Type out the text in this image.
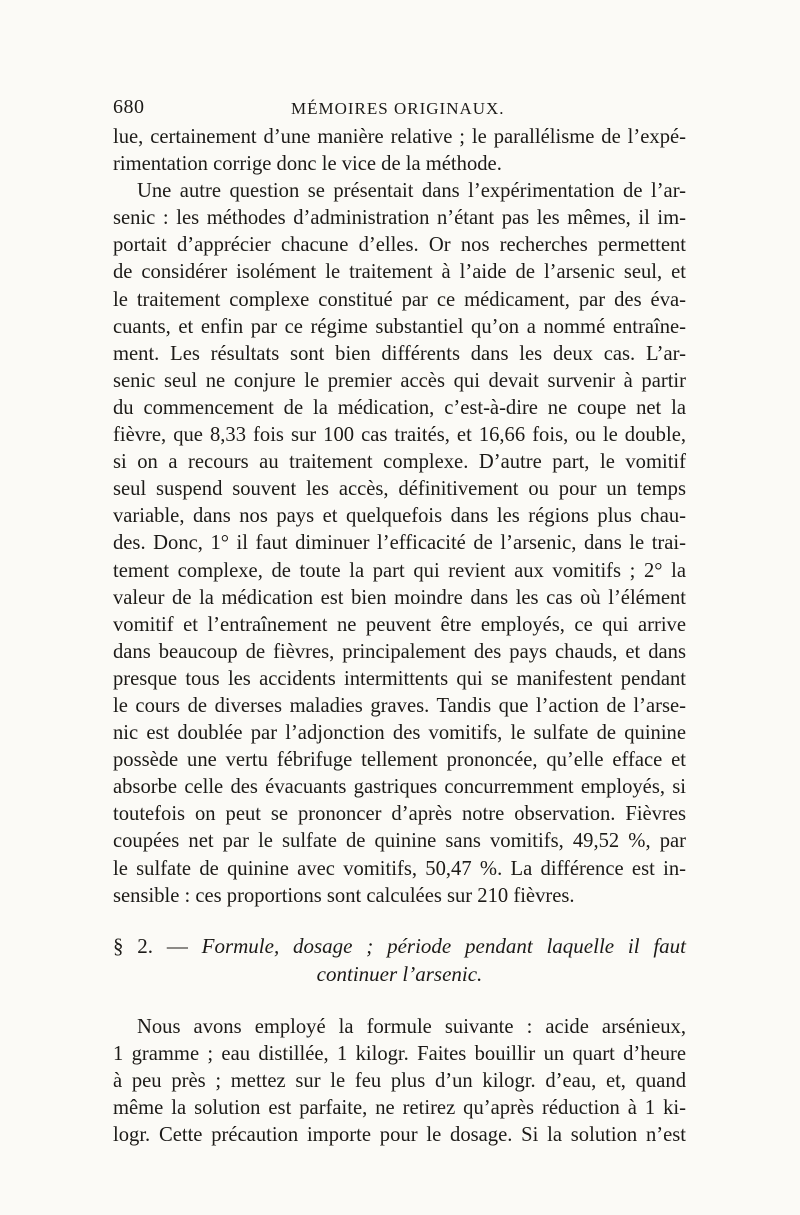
680	MÉMOIRES ORIGINAUX.

lue, certainement d’une manière relative ; le parallélisme de l’expé-

rimentation corrige donc le vice de la méthode.

Une autre question se présentait dans l’expérimentation de l’ar-

senic : les méthodes d’administration n’étant pas les mêmes, il im-

portait d’apprécier chacune d’elles. Or nos recherches permettent

de considérer isolément le traitement à l’aide de l’arsenic seul, et

le traitement complexe constitué par ce médicament, par des éva-

cuants, et enfin par ce régime substantiel qu’on a nommé entraîne-

ment. Les résultats sont bien différents dans les deux cas. L’ar-

senic seul ne conjure le premier accès qui devait survenir à partir

du commencement de la médication, c’est-à-dire ne coupe net la

fièvre, que 8,33 fois sur 100 cas traités, et 16,66 fois, ou le double,

si on a recours au traitement complexe. D’autre part, le vomitif

seul suspend souvent les accès, définitivement ou pour un temps

variable, dans nos pays et quelquefois dans les régions plus chau-

des. Donc, 1° il faut diminuer l’efficacité de l’arsenic, dans le trai-

tement complexe, de toute la part qui revient aux vomitifs ; 2° la

valeur de la médication est bien moindre dans les cas où l’élément

vomitif et l’entraînement ne peuvent être employés, ce qui arrive

dans beaucoup de fièvres, principalement des pays chauds, et dans

presque tous les accidents intermittents qui se manifestent pendant

le cours de diverses maladies graves. Tandis que l’action de l’arse-

nic est doublée par l’adjonction des vomitifs, le sulfate de quinine

possède une vertu fébrifuge tellement prononcée, qu’elle efface et

absorbe celle des évacuants gastriques concurremment employés, si

toutefois on peut se prononcer d’après notre observation. Fièvres

coupées net par le sulfate de quinine sans vomitifs, 49,52 %, par

le sulfate de quinine avec vomitifs, 50,47 %. La différence est in-

sensible : ces proportions sont calculées sur 210 fièvres.

§ 2. — Formule, dosage ; période pendant laquelle il faut
continuer l’arsenic.

Nous avons employé la formule suivante : acide arsénieux,

1 gramme ; eau distillée, 1 kilogr. Faites bouillir un quart d’heure

à peu près ; mettez sur le feu plus d’un kilogr. d’eau, et, quand

même la solution est parfaite, ne retirez qu’après réduction à 1 ki-

logr. Cette précaution importe pour le dosage. Si la solution n’est
